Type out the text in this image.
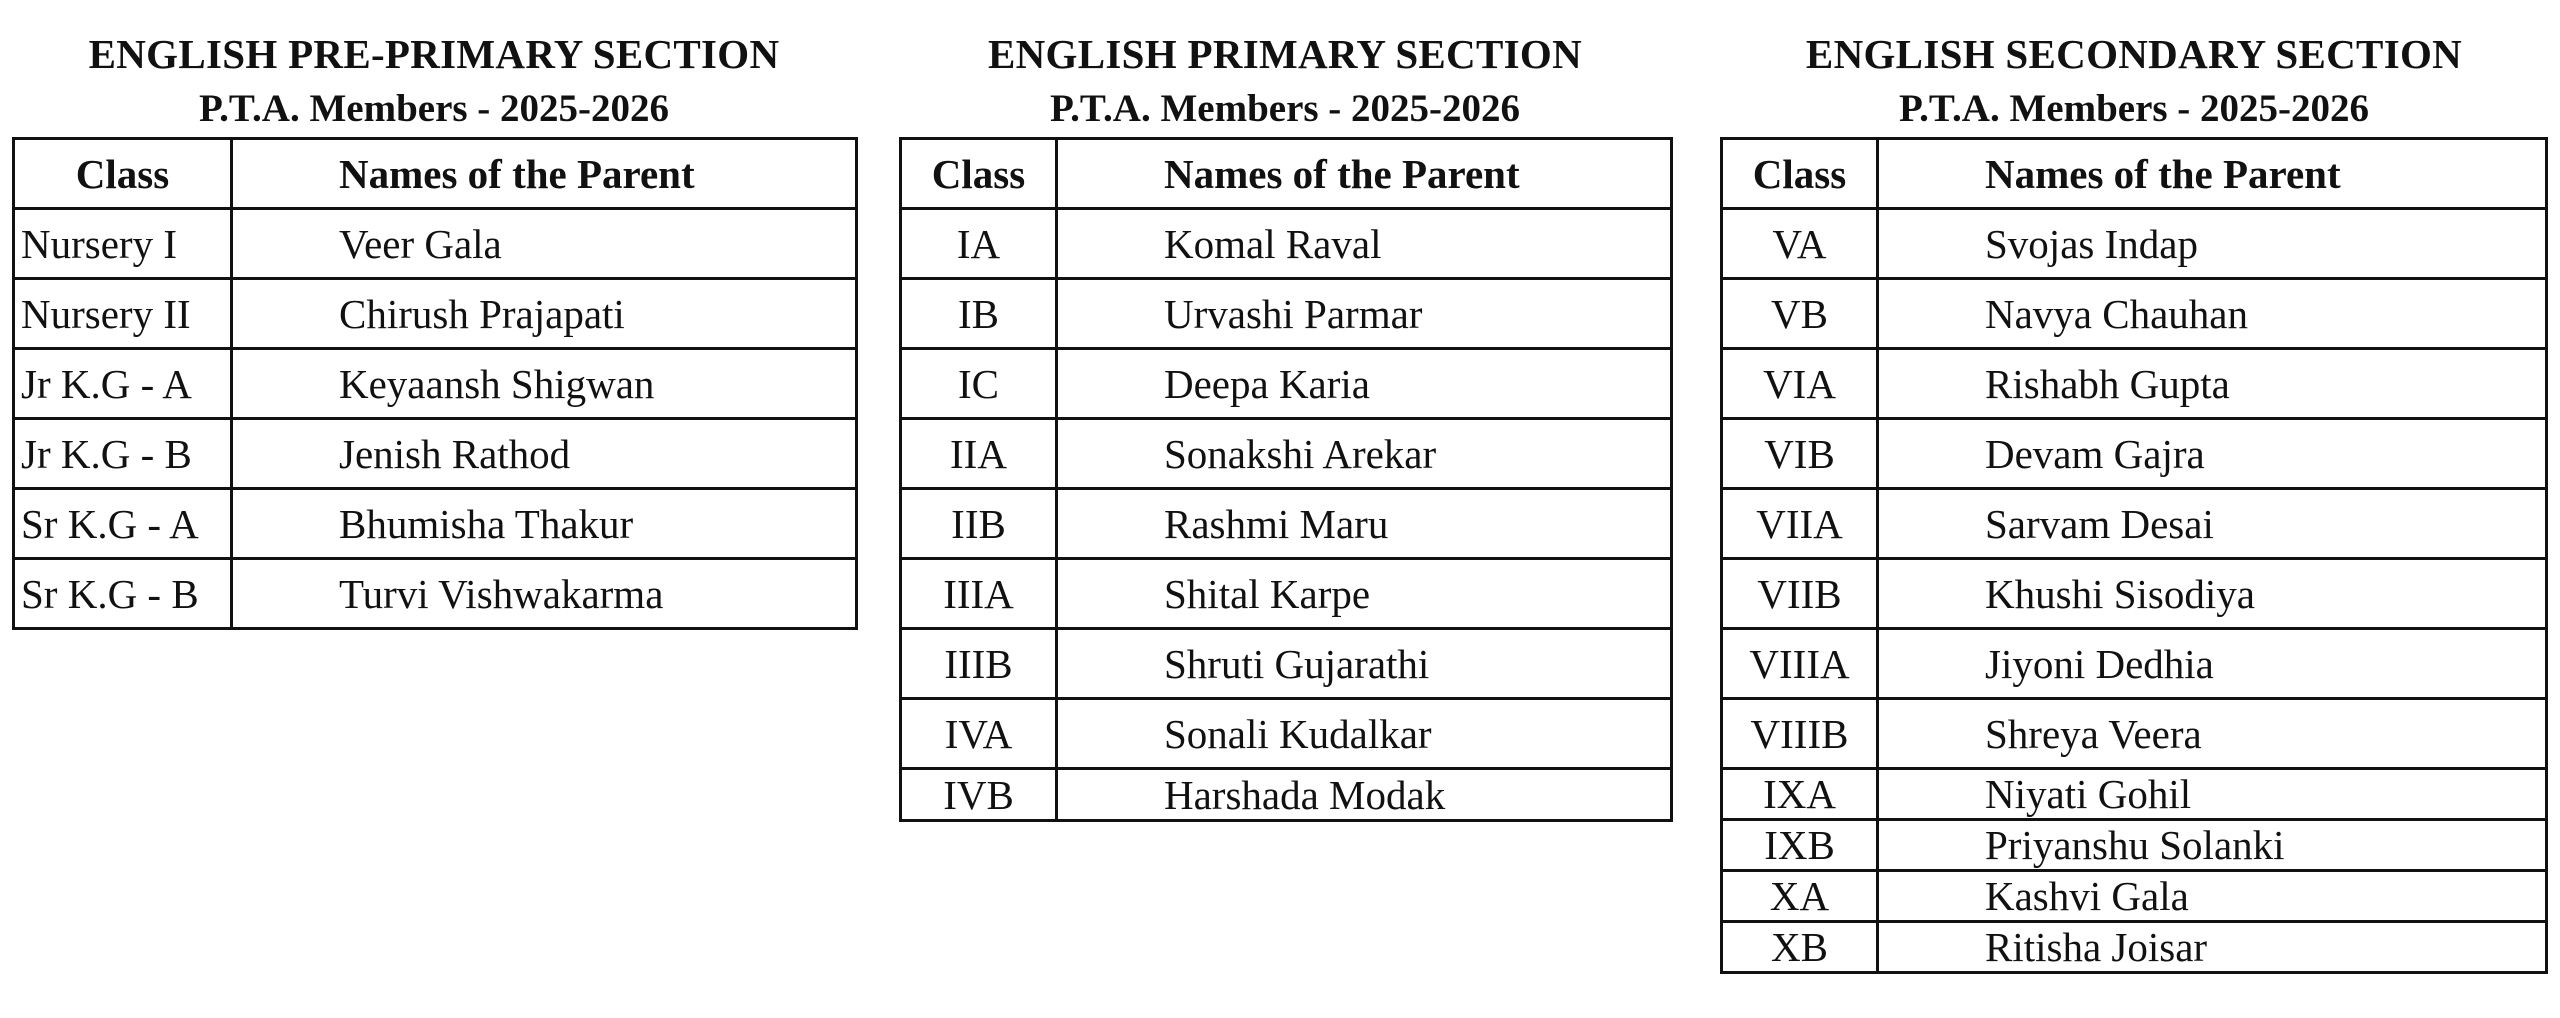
ENGLISH PRE-PRIMARY SECTION
P.T.A. Members - 2025-2026
Class	Names of the Parent
Nursery I	Veer Gala
Nursery II	Chirush Prajapati
Jr K.G - A	Keyaansh Shigwan
Jr K.G - B	Jenish Rathod
Sr K.G - A	Bhumisha Thakur
Sr K.G - B	Turvi Vishwakarma
ENGLISH PRIMARY SECTION
P.T.A. Members - 2025-2026
Class	Names of the Parent
IA	Komal Raval
IB	Urvashi Parmar
IC	Deepa Karia
IIA	Sonakshi Arekar
IIB	Rashmi Maru
IIIA	Shital Karpe
IIIB	Shruti Gujarathi
IVA	Sonali Kudalkar
IVB	Harshada Modak
ENGLISH SECONDARY SECTION
P.T.A. Members - 2025-2026
Class	Names of the Parent
VA	Svojas Indap
VB	Navya Chauhan
VIA	Rishabh Gupta
VIB	Devam Gajra
VIIA	Sarvam Desai
VIIB	Khushi Sisodiya
VIIIA	Jiyoni Dedhia
VIIIB	Shreya Veera
IXA	Niyati Gohil
IXB	Priyanshu Solanki
XA	Kashvi Gala
XB	Ritisha Joisar
